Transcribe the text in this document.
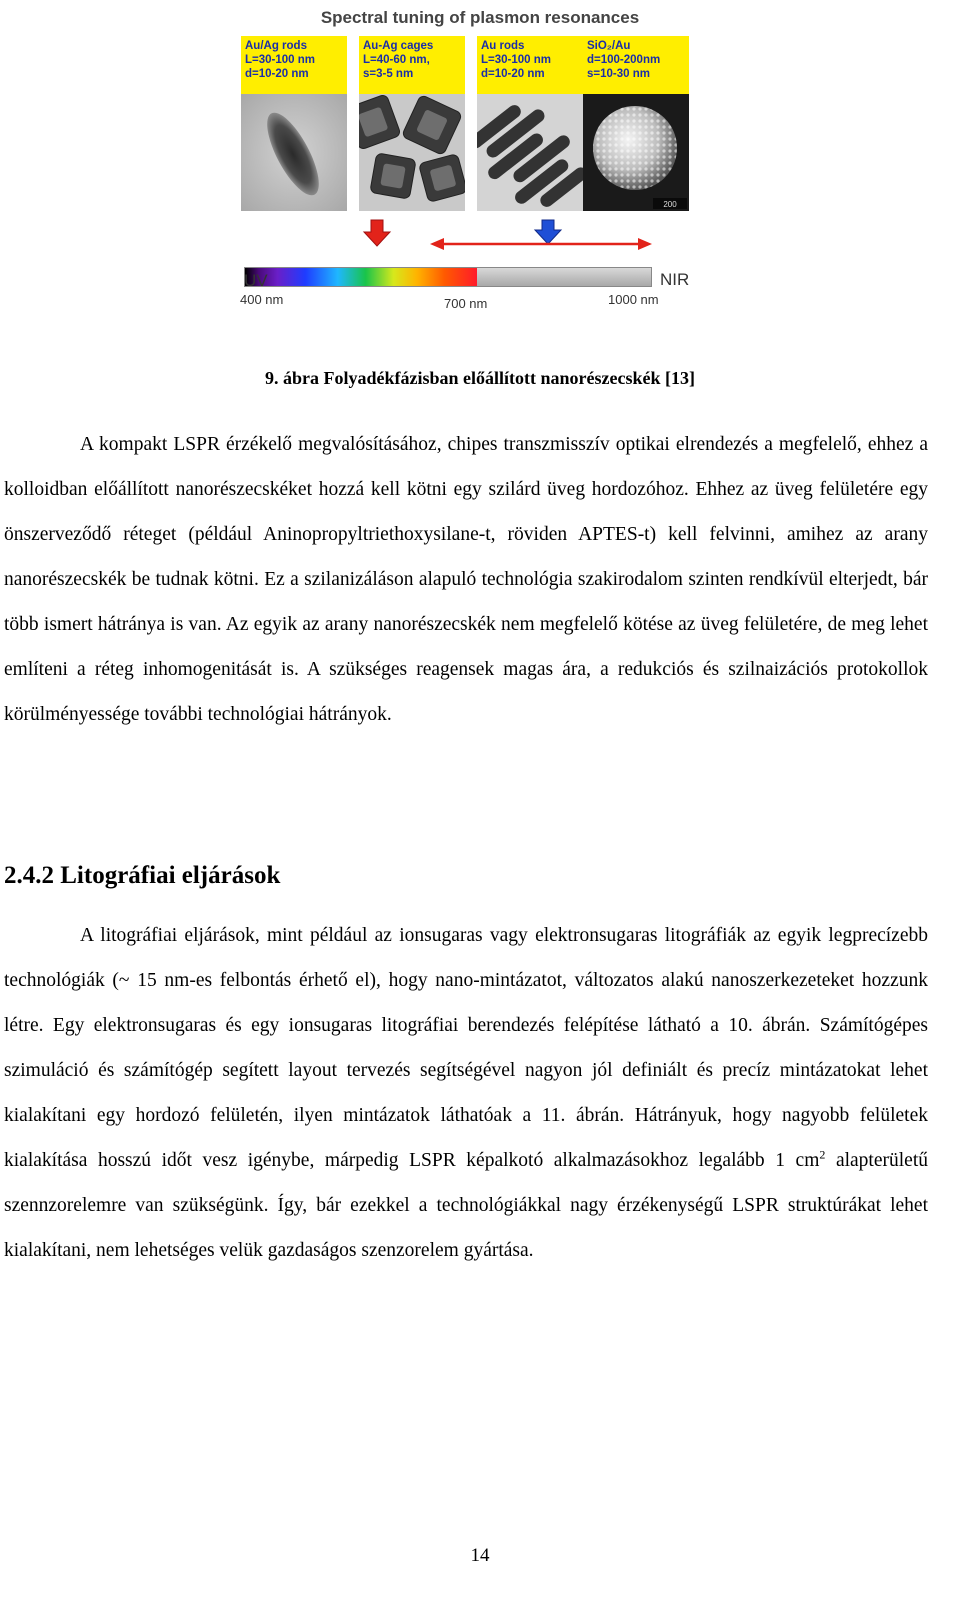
Spectral tuning of plasmon resonances
Au/Ag rods
L=30-100 nm
d=10-20 nm
Au-Ag cages
L=40-60 nm,
s=3-5 nm
Au rods
L=30-100 nm
d=10-20 nm
SiO₂/Au
d=100-200nm
s=10-30 nm
200
UV	NIR
400 nm	700 nm	1000 nm
9. ábra Folyadékfázisban előállított nanorészecskék [13]

A kompakt LSPR érzékelő megvalósításához, chipes transzmisszív optikai elrendezés a megfelelő, ehhez a kolloidban előállított nanorészecskéket hozzá kell kötni egy szilárd üveg hordozóhoz. Ehhez az üveg felületére egy önszerveződő réteget (például Aninopropyltriethoxysilane-t, röviden APTES-t) kell felvinni, amihez az arany nanorészecskék be tudnak kötni. Ez a szilanizáláson alapuló technológia szakirodalom szinten rendkívül elterjedt, bár több ismert hátránya is van. Az egyik az arany nanorészecskék nem megfelelő kötése az üveg felületére, de meg lehet említeni a réteg inhomogenitását is. A szükséges reagensek magas ára, a redukciós és szilnaizációs protokollok körülményessége további technológiai hátrányok.

2.4.2 Litográfiai eljárások

A litográfiai eljárások, mint például az ionsugaras vagy elektronsugaras litográfiák az egyik legprecízebb technológiák (~ 15 nm-es felbontás érhető el), hogy nano-mintázatot, változatos alakú nanoszerkezeteket hozzunk létre. Egy elektronsugaras és egy ionsugaras litográfiai berendezés felépítése látható a 10. ábrán. Számítógépes szimuláció és számítógép segített layout tervezés segítségével nagyon jól definiált és precíz mintázatokat lehet kialakítani egy hordozó felületén, ilyen mintázatok láthatóak a 11. ábrán. Hátrányuk, hogy nagyobb felületek kialakítása hosszú időt vesz igénybe, márpedig LSPR képalkotó alkalmazásokhoz legalább 1 $cm^2$ alapterületű szennzorelemre van szükségünk. Így, bár ezekkel a technológiákkal nagy érzékenységű LSPR struktúrákat lehet kialakítani, nem lehetséges velük gazdaságos szenzorelem gyártása.

14
